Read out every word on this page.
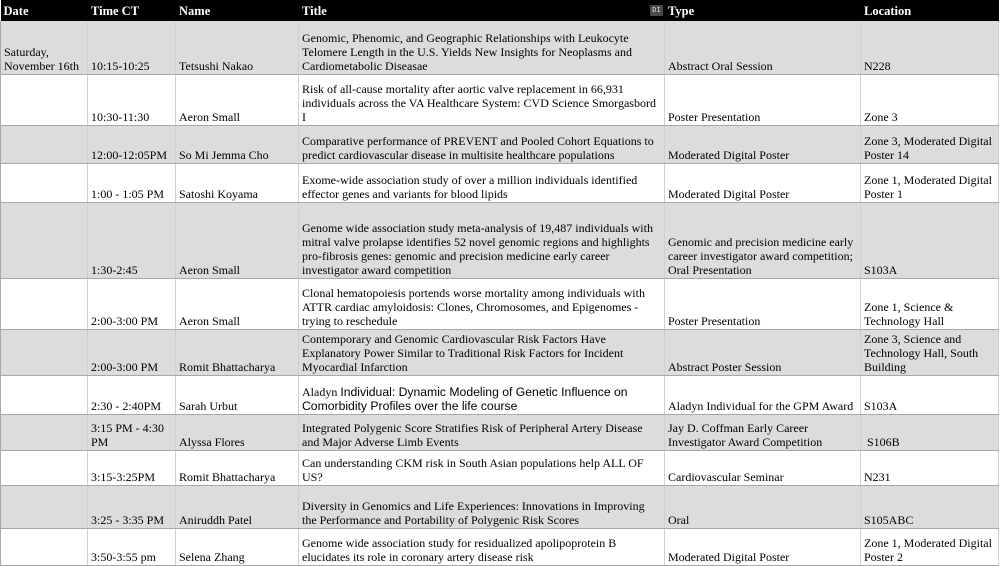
DI
Date	Time CT	Name	Title	Type	Location
Saturday, November 16th	10:15-10:25	Tetsushi Nakao	Genomic, Phenomic, and Geographic Relationships with Leukocyte Telomere Length in the U.S. Yields New Insights for Neoplasms and Cardiometabolic Diseasae	Abstract Oral Session	N228
	10:30-11:30	Aeron Small	Risk of all-cause mortality after aortic valve replacement in 66,931 individuals across the VA Healthcare System: CVD Science Smorgasbord I	Poster Presentation	Zone 3
	12:00-12:05PM	So Mi Jemma Cho	Comparative performance of PREVENT and Pooled Cohort Equations to predict cardiovascular disease in multisite healthcare populations	Moderated Digital Poster	Zone 3, Moderated Digital Poster 14
	1:00 - 1:05 PM	Satoshi Koyama	Exome-wide association study of over a million individuals identified effector genes and variants for blood lipids	Moderated Digital Poster	Zone 1, Moderated Digital Poster 1
	1:30-2:45	Aeron Small	Genome wide association study meta-analysis of 19,487 individuals with mitral valve prolapse identifies 52 novel genomic regions and highlights pro-fibrosis genes: genomic and precision medicine early career investigator award competition	Genomic and precision medicine early career investigator award competition; Oral Presentation	S103A
	2:00-3:00 PM	Aeron Small	Clonal hematopoiesis portends worse mortality among individuals with ATTR cardiac amyloidosis: Clones, Chromosomes, and Epigenomes - trying to reschedule	Poster Presentation	Zone 1, Science & Technology Hall
	2:00-3:00 PM	Romit Bhattacharya	Contemporary and Genomic Cardiovascular Risk Factors Have Explanatory Power Similar to Traditional Risk Factors for Incident Myocardial Infarction	Abstract Poster Session	Zone 3, Science and Technology Hall, South Building
	2:30 - 2:40PM	Sarah Urbut	Aladyn Individual: Dynamic Modeling of Genetic Influence on Comorbidity Profiles over the life course	Aladyn Individual for the GPM Award	S103A
	3:15 PM - 4:30 PM	Alyssa Flores	Integrated Polygenic Score Stratifies Risk of Peripheral Artery Disease and Major Adverse Limb Events	Jay D. Coffman Early Career Investigator Award Competition	S106B
	3:15-3:25PM	Romit Bhattacharya	Can understanding CKM risk in South Asian populations help ALL OF US?	Cardiovascular Seminar	N231
	3:25 - 3:35 PM	Aniruddh Patel	Diversity in Genomics and Life Experiences: Innovations in Improving the Performance and Portability of Polygenic Risk Scores	Oral	S105ABC
	3:50-3:55 pm	Selena Zhang	Genome wide association study for residualized apolipoprotein B elucidates its role in coronary artery disease risk	Moderated Digital Poster	Zone 1, Moderated Digital Poster 2
